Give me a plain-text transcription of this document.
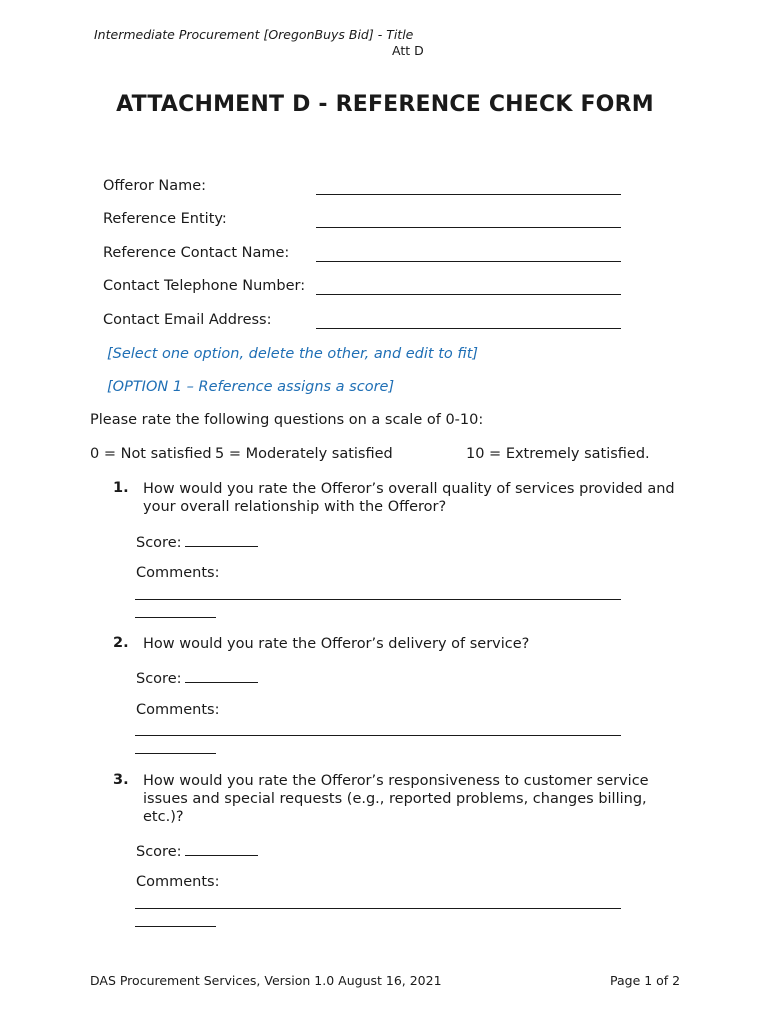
Intermediate Procurement [OregonBuys Bid] - Title
Att D
ATTACHMENT D - REFERENCE CHECK FORM
Offeror Name:
Reference Entity:
Reference Contact Name:
Contact Telephone Number:
Contact Email Address:
[Select one option, delete the other, and edit to fit]
[OPTION 1 – Reference assigns a score]
Please rate the following questions on a scale of 0-10:
0 = Not satisfied 5 = Moderately satisfied	10 = Extremely satisfied.
1. How would you rate the Offeror’s overall quality of services provided and your overall relationship with the Offeror?
Score:
Comments:
2. How would you rate the Offeror’s delivery of service?
Score:
Comments:
3. How would you rate the Offeror’s responsiveness to customer service issues and special requests (e.g., reported problems, changes billing, etc.)?
Score:
Comments:
DAS Procurement Services, Version 1.0 August 16, 2021	Page 1 of 2
